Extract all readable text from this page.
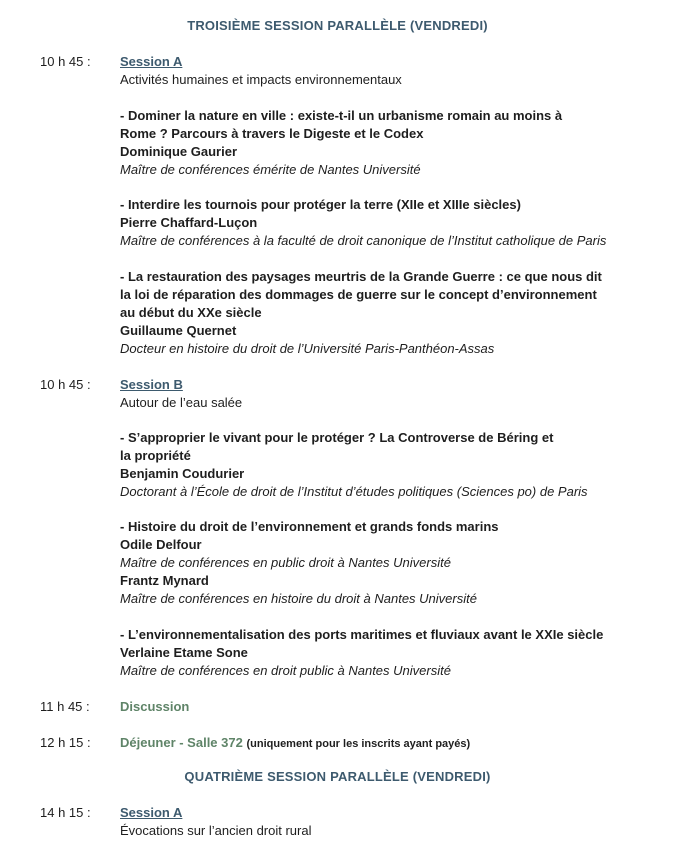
TROISIÈME SESSION PARALLÈLE (VENDREDI)
10 h 45 : Session A
Activités humaines et impacts environnementaux
- Dominer la nature en ville : existe-t-il un urbanisme romain au moins à
Rome ? Parcours à travers le Digeste et le Codex
Dominique Gaurier
Maître de conférences émérite de Nantes Université
- Interdire les tournois pour protéger la terre (XIIe et XIIIe siècles)
Pierre Chaffard-Luçon
Maître de conférences à la faculté de droit canonique de l’Institut catholique de Paris
- La restauration des paysages meurtris de la Grande Guerre : ce que nous dit
la loi de réparation des dommages de guerre sur le concept d’environnement
au début du XXe siècle
Guillaume Quernet
Docteur en histoire du droit de l’Université Paris-Panthéon-Assas
10 h 45 : Session B
Autour de l’eau salée
- S’approprier le vivant pour le protéger ? La Controverse de Béring et
la propriété
Benjamin Coudurier
Doctorant à l’École de droit de l’Institut d’études politiques (Sciences po) de Paris
- Histoire du droit de l’environnement et grands fonds marins
Odile Delfour
Maître de conférences en public droit à Nantes Université
Frantz Mynard
Maître de conférences en histoire du droit à Nantes Université
- L’environnementalisation des ports maritimes et fluviaux avant le XXIe siècle
Verlaine Etame Sone
Maître de conférences en droit public à Nantes Université
11 h 45 : Discussion
12 h 15 : Déjeuner - Salle 372 (uniquement pour les inscrits ayant payés)
QUATRIÈME SESSION PARALLÈLE (VENDREDI)
14 h 15 : Session A
Évocations sur l’ancien droit rural
